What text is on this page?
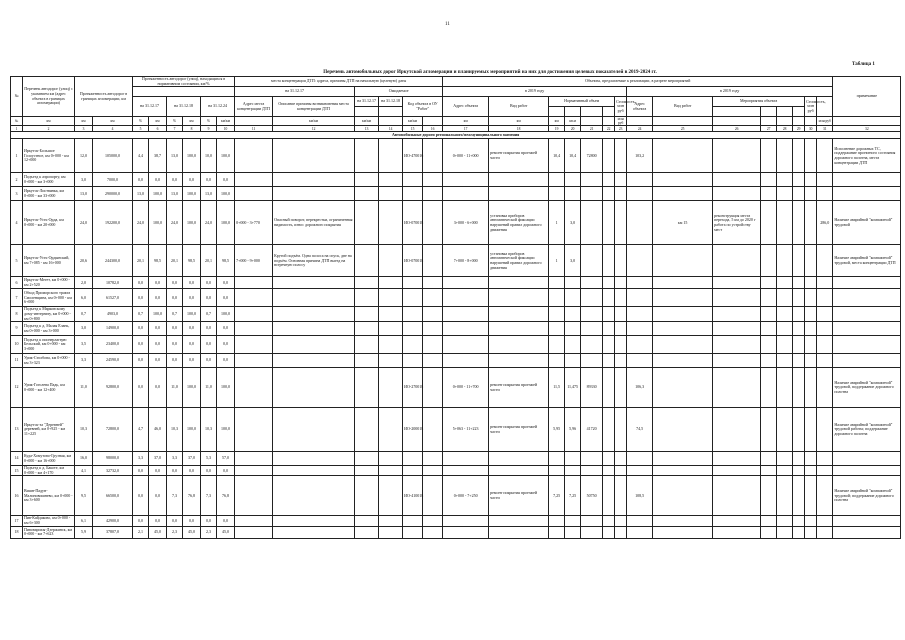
11
Таблица 1
Перечень автомобильных дорог Иркутской агломерации и планируемых мероприятий на них для достижения целевых показателей в 2019-2024 гг.
№	Перечень автодорог (улиц) с указанием км (адрес объекта в границах агломерации)	Протяженность автодорог в границах агломерации, км		Протяженность автодорог (улиц), находящихся в нормативном состоянии, км/%						места концентрации ДТП: адреса, причины ДТП на начальную (целевую) даты						Объекты, предлагаемые к реализации, в разрезе мероприятий															примечание
										на 31.12.17		Ожидаемое				в 2019 году							в 2019 году								
				на 31.12.17		на 31.12.18		на 31.12.24		Адрес места концентрации ДТП	Описание причины возникновения места концентрации ДТП	на 31.12.17	на 31.12.18	Код объекта в ОУ "Работ"		Адрес объекта	Вид работ	Нормативный объем				Стоимость, млн руб	Адрес объекта	Вид работ	Мероприятия объекта				Стоимость, млн руб		

№	км	км	км	%	км	%	км	%	км/км		км/км	км/км		км/км		км	км	км	кв.м			млн руб								млн руб	
1	2	3	4	5	6	7	8	9	10	11	12	13	14	15	16	17	18	19	20	21	22	23	24	25	26	27	28	29	30	31	32
Автомобильные дороги регионального/межмуниципального значения																															
1	Иркутск-Большое Голоустное, км 0+000 - км 12+000	12,0	105000,0	4,4	38,7	13,0	100,0	10,0	100,0					ИО-470016		0+000 - 11+000	ремонт покрытия проезжей части	10,4	10,4	72800			103,2								Исполнение дорожных ТС, поддержание проектного состояния дорожного полотна, места концентрации ДТП
2	Подъезд к аэропорту, км 0+000 - км 3+000	3,0	7000,0	0,0	0,0	0,0	0,0	0,0	0,0																						
3	Иркутск-Листвянка, км 0+000 - км 33+000	13,0	290000,0	13,0	100,0	13,0	100,0	13,0	100,0																						
4	Иркутск-Усть-Орда, км 0+000 - км 20+000	24,0	192200,0	24,0	100,0	24,0	100,0	24,0	100,0	0+000 - 3+770	Опасный поворот, перекрестки, ограниченная видимость, износ дорожного покрытия			ИО-070018		3+000 - 6+000	установка приборов автоматической фиксации нарушений правил дорожного движения	1	3,0					км 15	реконструкция места перехода, 5 км до 2020 г работа по устройству мест					286,0	Наличие аварийной "компактной" трудовой
5	Иркутск-Усть-Ордынский, км 7+085 - км 16+000	20,6	244300,0	20,1	98,5	20,1	98,5	20,1	98,5	7+000 - 9+000	Крутой подъём. Одна полоса на спуск, две на подъём. Основная причина ДТП выезд на встречную полосу			ИО-070018		7+000 - 8+000	установка приборов автоматической фиксации нарушений правил дорожного движения	1	3,0												Наличие аварийной "компактной" трудовой, места концентрации ДТП
6	Иркутск-Мегет, км 0+000 - км 2+520	2,0	10782,0	0,0	0,0	0,0	0,0	0,0	0,0																						
7	Обход Приморского тракта Смоленщина, км 0+000 - км 6+000	6,0	61527,0	0,0	0,0	0,0	0,0	0,0	0,0																						
8	Подъезд к Марковскому дому-интернату, км 0+000 - км 0+800	0,7	4903,0	0,7	100,0	0,7	100,0	0,7	100,0																						
9	Подъезд к д. Малая Елань, км 0+000 - км 3+000	3,0	14900,0	0,0	0,0	0,0	0,0	0,0	0,0																						
10	Подъезд к пионерлагерю Бельский, км 0+000 - км 3+000	3,5	23400,0	0,0	0,0	0,0	0,0	0,0	0,0																						
11	Урик-Столбова, км 0+000 - км 3+323	3,3	24590,0	0,0	0,0	0,0	0,0	0,0	0,0																						
12	Урик-Гоголева Падь, км 0+000 - км 12+400	11,0	92800,0	0,0	0,0	11,0	100,0	11,0	100,0					ИО-270018		0+000 - 11+700	ремонт покрытия проезжей части	11,5	11,475	89330			106,3								Наличие аварийной "компактной" трудовой, поддержание дорожного полотна
13	Иркутск-за "Деревней" деревней, км 0+925 - км 11+225	10,3	72800,0	4,7	46,0	10,3	100,0	10,3	100,0					ИО-200018		5+063 - 11+223	ремонт покрытия проезжей части	5,95	5,96	41720			74,5								Наличие аварийной "компактной" трудовой работы; поддержание дорожного полотна
14	Куда-Хомутово-Грузная, км 0+000 - км 16+000	16,0	98000,0	3,3	37,0	3,3	37,0	5,3	57,0																						
15	Подъезд к д. Бакоте, км 0+000 - км 4+170	4,1	32732,0	0,0	0,0	0,0	0,0	0,0	0,0																						
16	Вишн-Падун-Малиновишнево, км 0+000 - км 3+600	9,5	66500,0	0,0	0,0	7,3	76,8	7,3	76,8					ИО-410018		0+000 - 7+250	ремонт покрытия проезжей части	7,25	7,25	50750			108,5								Наличие аварийной "компактной" трудовой; поддержание дорожного полотна
17	Пив-Кайдаково, км 0+000 - км 6+300	6,1	42900,0	0,0	0,0	0,0	0,0	0,0	0,0																						
18	Пивоварихы-Дзержинск, км 0+000 - км 7+623	5,9	37807,0	2,1	45,0	2,3	45,0	2,3	45,0																						
